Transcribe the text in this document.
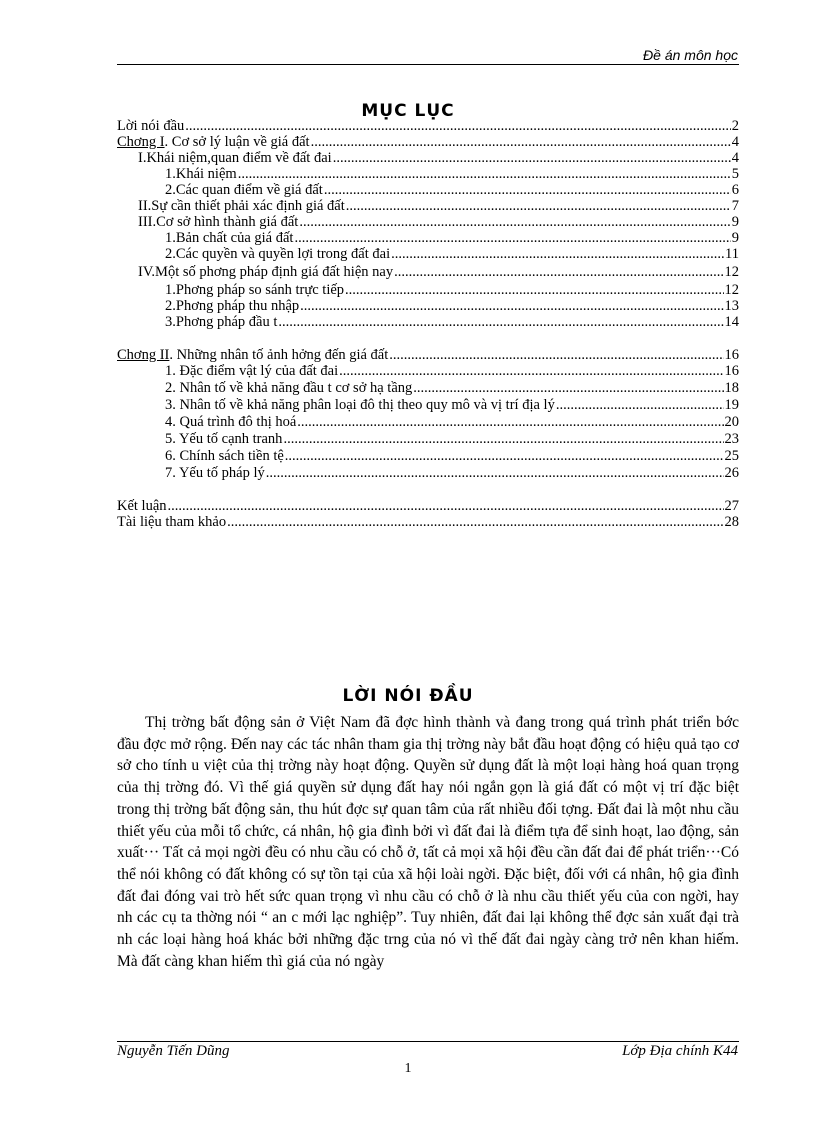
Đề án môn học
MỤC LỤC
Lời nói đầu .....	2
Chơng I. Cơ sở lý luận về giá đất .....	4
I.Khái niệm,quan điểm về đất đai .....	4
1.Khái niệm .....	5
2.Các quan điểm về giá đất .....	6
II.Sự cần thiết phải xác định giá đất .....	7
III.Cơ sở hình thành giá đất .....	9
1.Bản chất của giá đất .....	9
2.Các quyền và quyền lợi trong đất đai .....	11
IV.Một số phơng pháp định giá đất hiện nay .....	12
1.Phơng pháp so sánh trực tiếp .....	12
2.Phơng pháp thu nhập .....	13
3.Phơng pháp đầu t .....	14
Chơng II. Những nhân tố ảnh hởng đến giá đất .....	16
1. Đặc điểm vật lý của đất đai .....	16
2. Nhân tố về khả năng đầu t cơ sở hạ tầng .....	18
3. Nhân tố về khả năng phân loại đô thị theo quy mô và vị trí địa lý .....	19
4. Quá trình đô thị hoá .....	20
5. Yếu tố cạnh tranh .....	23
6. Chính sách tiền tệ .....	25
7. Yếu tố pháp lý .....	26
Kết luận .....	27
Tài liệu tham khảo .....	28
LỜI NÓI ĐẦU

Thị trờng bất động sản ở Việt Nam đã đợc hình thành và đang trong quá trình phát triển bớc đầu đợc mở rộng. Đến nay các tác nhân tham gia thị trờng này bắt đầu hoạt động có hiệu quả tạo cơ sở cho tính u việt của thị trờng này hoạt động. Quyền sử dụng đất là một loại hàng hoá quan trọng của thị trờng đó. Vì thế giá quyền sử dụng đất hay nói ngắn gọn là giá đất có một vị trí đặc biệt trong thị trờng bất động sản, thu hút đợc sự quan tâm của rất nhiều đối tợng. Đất đai là một nhu cầu thiết yếu của mỗi tổ chức, cá nhân, hộ gia đình bởi vì đất đai là điểm tựa để sinh hoạt, lao động, sản xuất··· Tất cả mọi ngời đều có nhu cầu có chỗ ở, tất cả mọi xã hội đều cần đất đai để phát triển···Có thể nói không có đất không có sự tồn tại của xã hội loài ngời. Đặc biệt, đối với cá nhân, hộ gia đình đất đai đóng vai trò hết sức quan trọng vì nhu cầu có chỗ ở là nhu cầu thiết yếu của con ngời, hay nh các cụ ta thờng nói “ an c mới lạc nghiệp”. Tuy nhiên, đất đai lại không thể đợc sản xuất đại trà nh các loại hàng hoá khác bởi những đặc trng của nó vì thế đất đai ngày càng trở nên khan hiếm. Mà đất càng khan hiếm thì giá của nó ngày

Nguyễn Tiến Dũng	Lớp Địa chính K44
1
